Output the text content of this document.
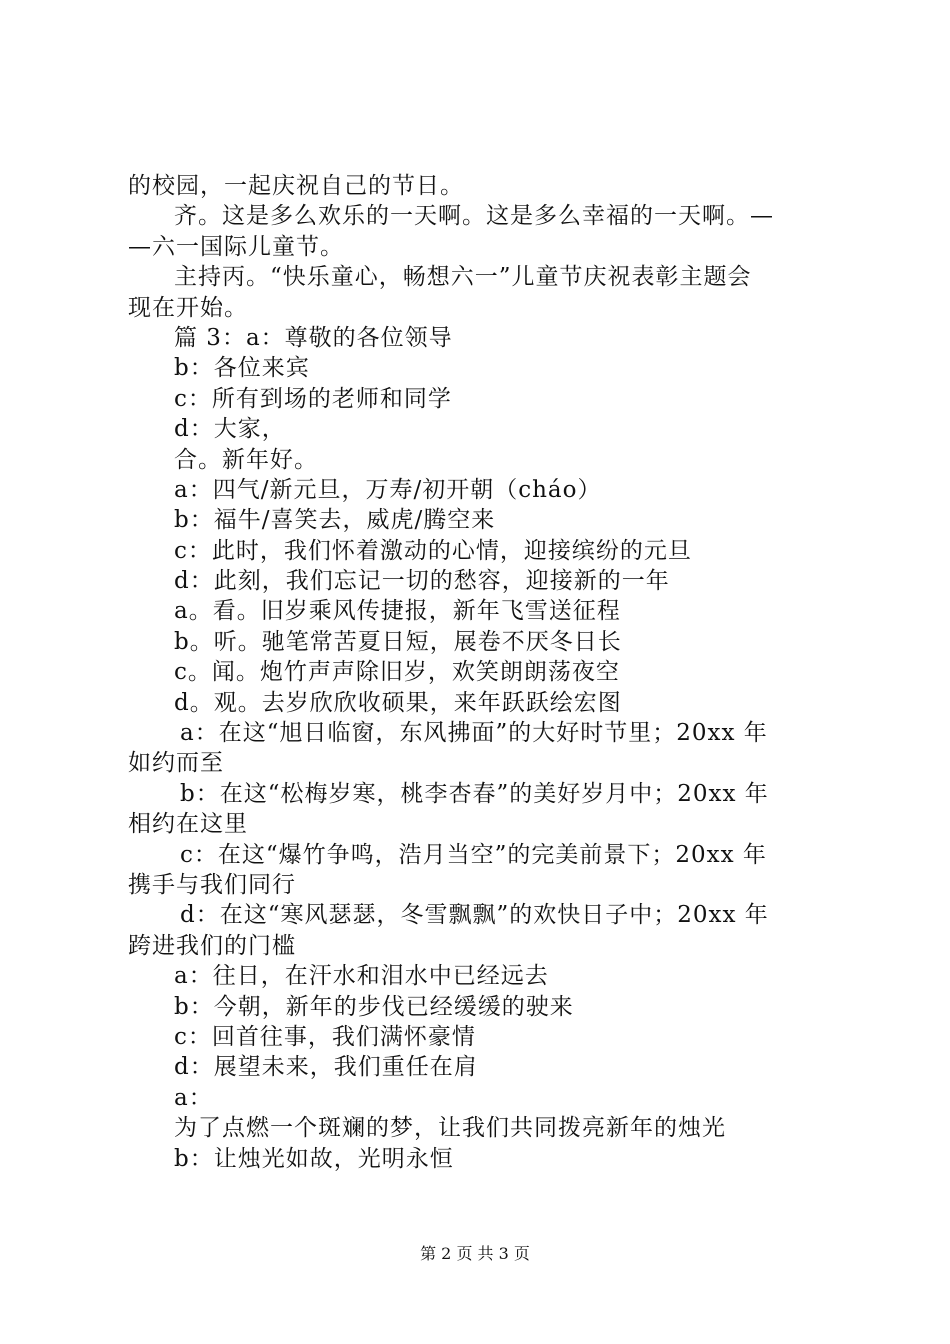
的校园，一起庆祝自己的节日。
齐。这是多么欢乐的一天啊。这是多么幸福的一天啊。—
—六一国际儿童节。
主持丙。“快乐童心，畅想六一”儿童节庆祝表彰主题会
现在开始。
篇 3：a：尊敬的各位领导
b：各位来宾
c：所有到场的老师和同学
d：大家，
合。新年好。
a：四气/新元旦，万寿/初开朝（cháo）
b：福牛/喜笑去，威虎/腾空来
c：此时，我们怀着激动的心情，迎接缤纷的元旦
d：此刻，我们忘记一切的愁容，迎接新的一年
a。看。旧岁乘风传捷报，新年飞雪送征程
b。听。驰笔常苦夏日短，展卷不厌冬日长
c。闻。炮竹声声除旧岁，欢笑朗朗荡夜空
d。观。去岁欣欣收硕果，来年跃跃绘宏图
a：在这“旭日临窗，东风拂面”的大好时节里；20xx 年
如约而至
b：在这“松梅岁寒，桃李杏春”的美好岁月中；20xx 年
相约在这里
c：在这“爆竹争鸣，浩月当空”的完美前景下；20xx 年
携手与我们同行
d：在这“寒风瑟瑟，冬雪飘飘”的欢快日子中；20xx 年
跨进我们的门槛
a：往日，在汗水和泪水中已经远去
b：今朝，新年的步伐已经缓缓的驶来
c：回首往事，我们满怀豪情
d：展望未来，我们重任在肩
a：
为了点燃一个斑斓的梦，让我们共同拨亮新年的烛光
b：让烛光如故，光明永恒
第 2 页 共 3 页
